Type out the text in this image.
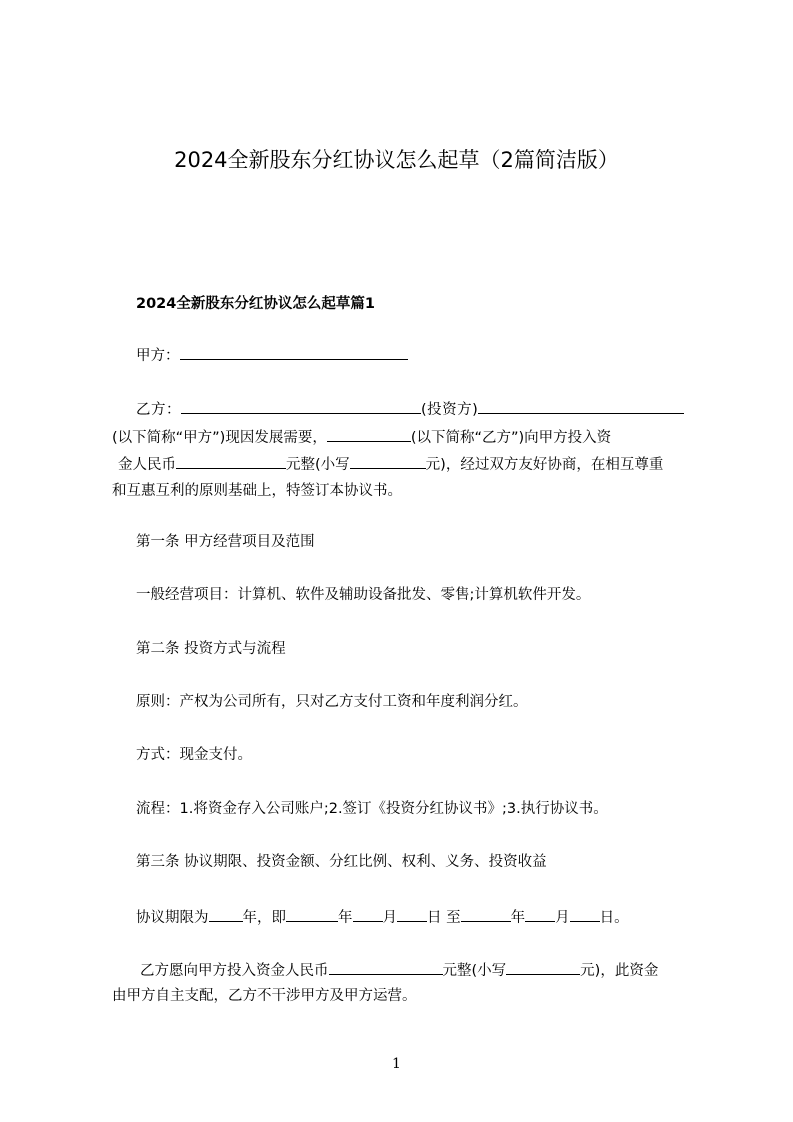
2024全新股东分红协议怎么起草（2篇简洁版）
2024全新股东分红协议怎么起草篇1
甲方：
乙方：	(投资方)
(以下简称“甲方”)现因发展需要，	(以下简称“乙方”)向甲方投入资
金人民币	元整(小写	元)，经过双方友好协商，在相互尊重
和互惠互利的原则基础上，特签订本协议书。
第一条 甲方经营项目及范围
一般经营项目：计算机、软件及辅助设备批发、零售;计算机软件开发。
第二条 投资方式与流程
原则：产权为公司所有，只对乙方支付工资和年度利润分红。
方式：现金支付。
流程：1.将资金存入公司账户;2.签订《投资分红协议书》;3.执行协议书。
第三条 协议期限、投资金额、分红比例、权利、义务、投资收益
协议期限为 年，即	年 月 日 至	年 月 日。
乙方愿向甲方投入资金人民币	元整(小写	元)，此资金
由甲方自主支配，乙方不干涉甲方及甲方运营。
1
